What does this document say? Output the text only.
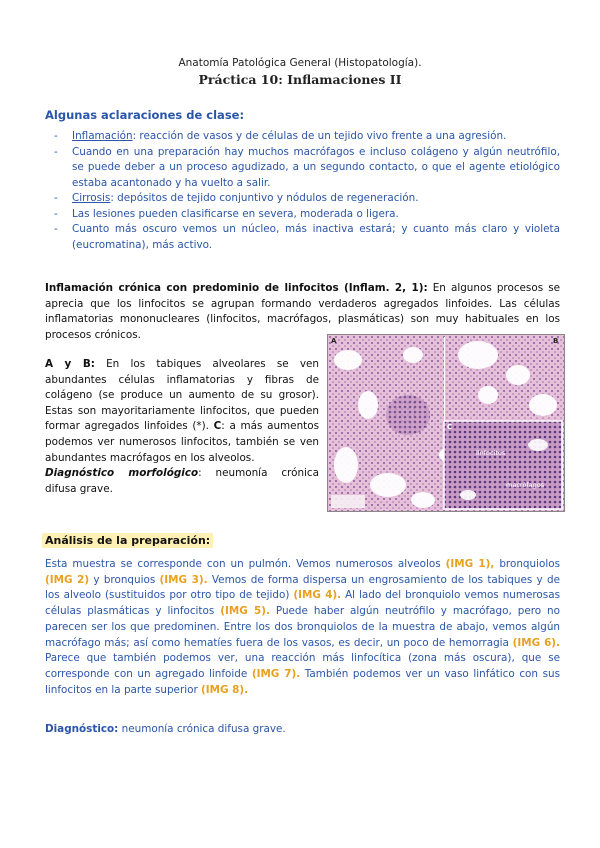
Anatomía Patológica General (Histopatología).
Práctica 10: Inflamaciones II
Algunas aclaraciones de clase:
- Inflamación: reacción de vasos y de células de un tejido vivo frente a una agresión.
- Cuando en una preparación hay muchos macrófagos e incluso colágeno y algún neutrófilo, se puede deber a un proceso agudizado, a un segundo contacto, o que el agente etiológico estaba acantonado y ha vuelto a salir.
- Cirrosis: depósitos de tejido conjuntivo y nódulos de regeneración.
- Las lesiones pueden clasificarse en severa, moderada o ligera.
- Cuanto más oscuro vemos un núcleo, más inactiva estará; y cuanto más claro y violeta (eucromatina), más activo.
Inflamación crónica con predominio de linfocitos (Inflam. 2, 1): En algunos procesos se aprecia que los linfocitos se agrupan formando verdaderos agregados linfoides. Las células inflamatorias mononucleares (linfocitos, macrófagos, plasmáticas) son muy habituales en los procesos crónicos.
A y B: En los tabiques alveolares se ven abundantes células inflamatorias y fibras de colágeno (se produce un aumento de su grosor). Estas son mayoritariamente linfocitos, que pueden formar agregados linfoides (*). C: a más aumentos podemos ver numerosos linfocitos, también se ven abundantes macrófagos en los alveolos.
Diagnóstico morfológico: neumonía crónica difusa grave.
A	B
C
linfocitos
macrófagos
Análisis de la preparación:
Esta muestra se corresponde con un pulmón. Vemos numerosos alveolos (IMG 1), bronquiolos (IMG 2) y bronquios (IMG 3). Vemos de forma dispersa un engrosamiento de los tabiques y de los alveolo (sustituidos por otro tipo de tejido) (IMG 4). Al lado del bronquiolo vemos numerosas células plasmáticas y linfocitos (IMG 5). Puede haber algún neutrófilo y macrófago, pero no parecen ser los que predominen. Entre los dos bronquiolos de la muestra de abajo, vemos algún macrófago más; así como hematíes fuera de los vasos, es decir, un poco de hemorragia (IMG 6). Parece que también podemos ver, una reacción más linfocítica (zona más oscura), que se corresponde con un agregado linfoide (IMG 7). También podemos ver un vaso linfático con sus linfocitos en la parte superior (IMG 8).
Diagnóstico: neumonía crónica difusa grave.
